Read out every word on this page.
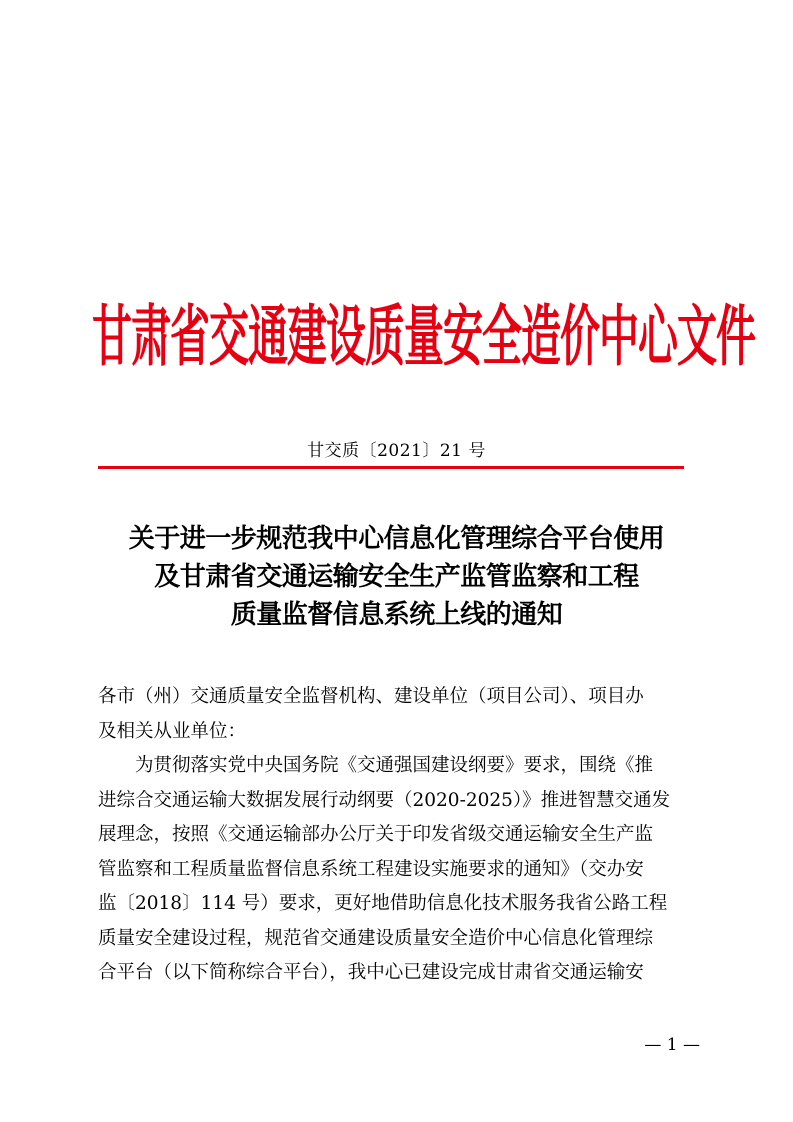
甘肃省交通建设质量安全造价中心文件
甘交质〔2021〕21 号
关于进一步规范我中心信息化管理综合平台使用
及甘肃省交通运输安全生产监管监察和工程
质量监督信息系统上线的通知
各市（州）交通质量安全监督机构、建设单位（项目公司）、项目办
及相关从业单位：
为贯彻落实党中央国务院《交通强国建设纲要》要求，围绕《推
进综合交通运输大数据发展行动纲要（2020-2025）》推进智慧交通发
展理念，按照《交通运输部办公厅关于印发省级交通运输安全生产监
管监察和工程质量监督信息系统工程建设实施要求的通知》（交办安
监〔2018〕114 号）要求，更好地借助信息化技术服务我省公路工程
质量安全建设过程，规范省交通建设质量安全造价中心信息化管理综
合平台（以下简称综合平台），我中心已建设完成甘肃省交通运输安
— 1 —
